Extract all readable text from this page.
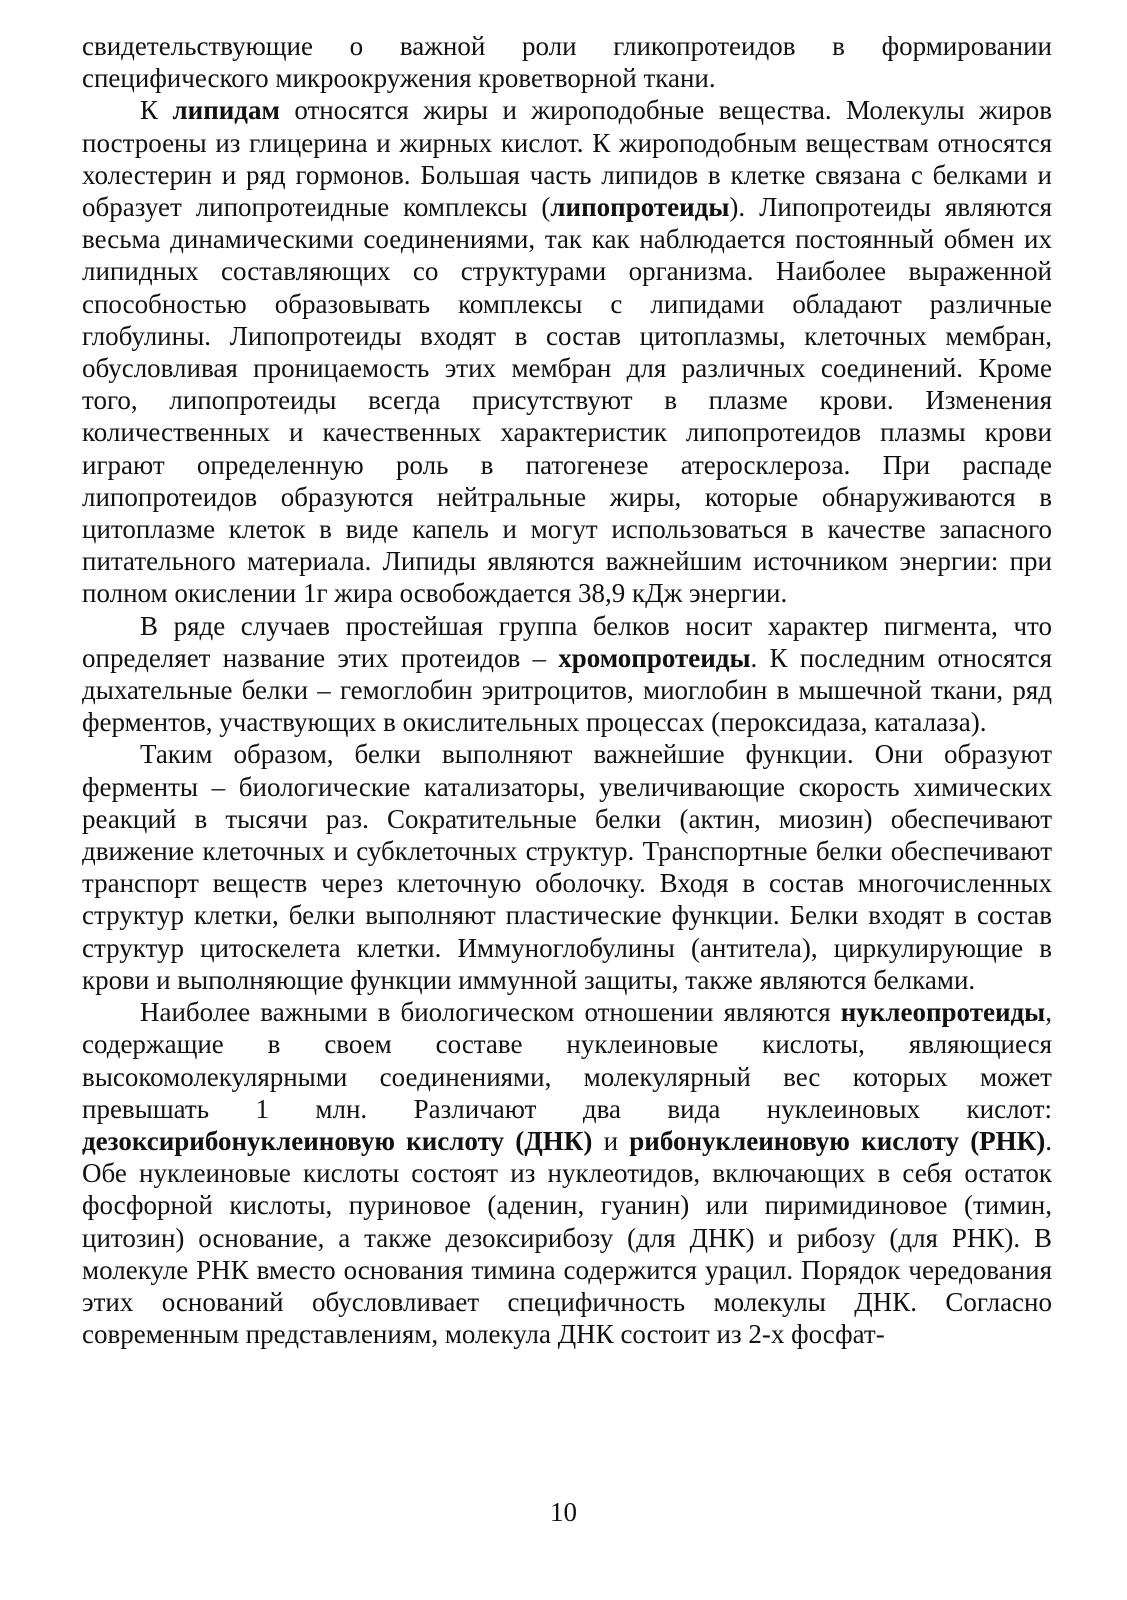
свидетельствующие о важной роли гликопротеидов в формировании специфического микроокружения кроветворной ткани.

К липидам относятся жиры и жироподобные вещества. Молекулы жиров построены из глицерина и жирных кислот. К жироподобным веществам относятся холестерин и ряд гормонов. Большая часть липидов в клетке связана с белками и образует липопротеидные комплексы (липопротеиды). Липопротеиды являются весьма динамическими соединениями, так как наблюдается постоянный обмен их липидных составляющих со структурами организма. Наиболее выраженной способностью образовывать комплексы с липидами обладают различные глобулины. Липопротеиды входят в состав цитоплазмы, клеточных мембран, обусловливая проницаемость этих мембран для различных соединений. Кроме того, липопротеиды всегда присутствуют в плазме крови. Изменения количественных и качественных характеристик липопротеидов плазмы крови играют определенную роль в патогенезе атеросклероза. При распаде липопротеидов образуются нейтральные жиры, которые обнаруживаются в цитоплазме клеток в виде капель и могут использоваться в качестве запасного питательного материала. Липиды являются важнейшим источником энергии: при полном окислении 1г жира освобождается 38,9 кДж энергии.

В ряде случаев простейшая группа белков носит характер пигмента, что определяет название этих протеидов – хромопротеиды. К последним относятся дыхательные белки – гемоглобин эритроцитов, миоглобин в мышечной ткани, ряд ферментов, участвующих в окислительных процессах (пероксидаза, каталаза).

Таким образом, белки выполняют важнейшие функции. Они образуют ферменты – биологические катализаторы, увеличивающие скорость химических реакций в тысячи раз. Сократительные белки (актин, миозин) обеспечивают движение клеточных и субклеточных структур. Транспортные белки обеспечивают транспорт веществ через клеточную оболочку. Входя в состав многочисленных структур клетки, белки выполняют пластические функции. Белки входят в состав структур цитоскелета клетки. Иммуноглобулины (антитела), циркулирующие в крови и выполняющие функции иммунной защиты, также являются белками.

Наиболее важными в биологическом отношении являются нуклеопротеиды, содержащие в своем составе нуклеиновые кислоты, являющиеся высокомолекулярными соединениями, молекулярный вес которых может превышать 1 млн. Различают два вида нуклеиновых кислот: дезоксирибонуклеиновую кислоту (ДНК) и рибонуклеиновую кислоту (РНК). Обе нуклеиновые кислоты состоят из нуклеотидов, включающих в себя остаток фосфорной кислоты, пуриновое (аденин, гуанин) или пиримидиновое (тимин, цитозин) основание, а также дезоксирибозу (для ДНК) и рибозу (для РНК). В молекуле РНК вместо основания тимина содержится урацил. Порядок чередования этих оснований обусловливает специфичность молекулы ДНК. Согласно современным представлениям, молекула ДНК состоит из 2-х фосфат-

10
